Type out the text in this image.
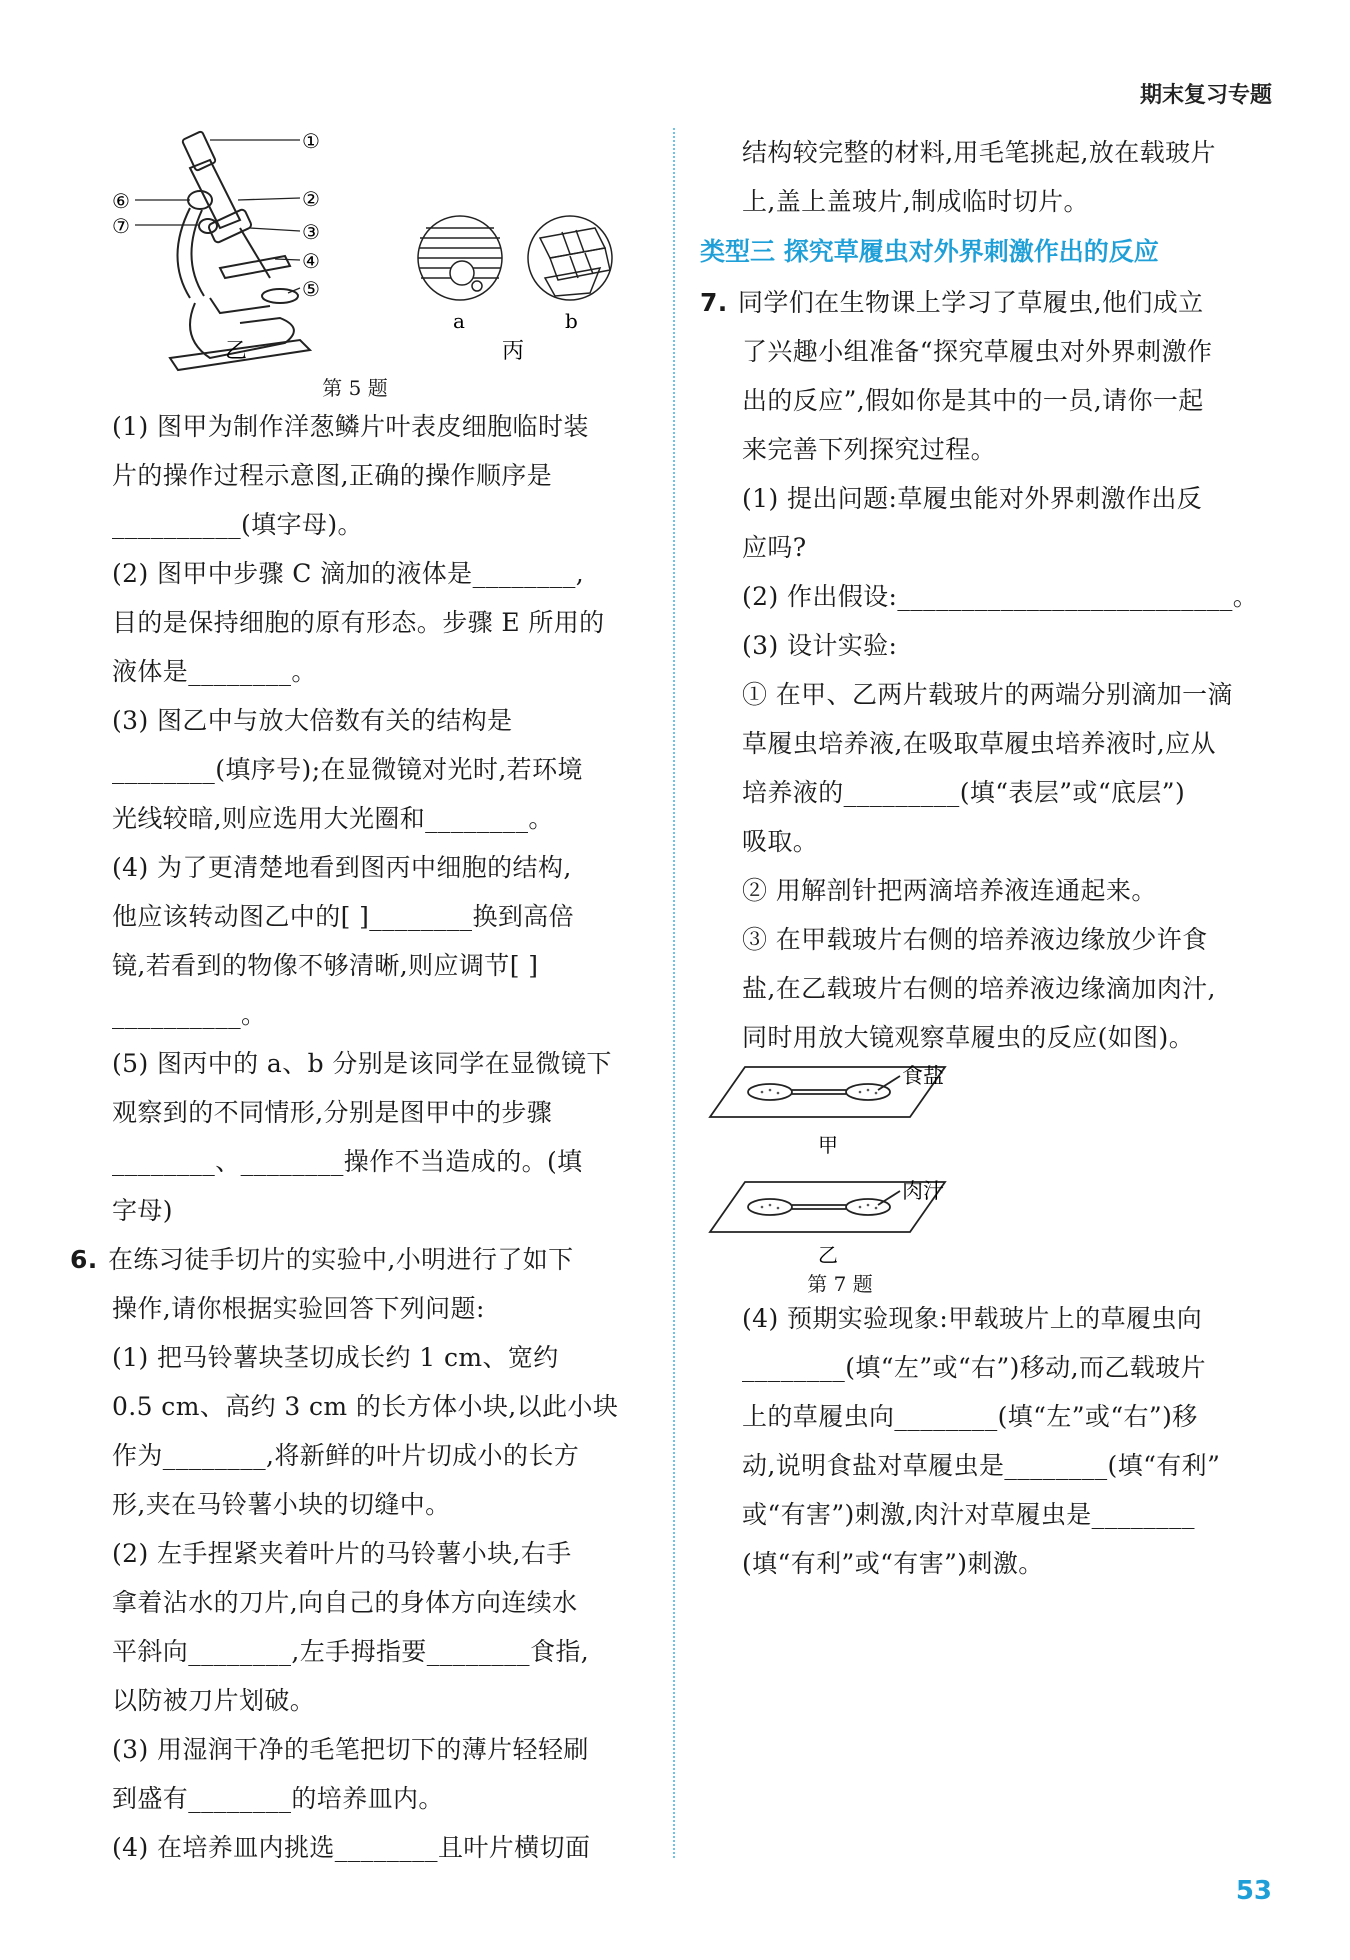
期末复习专题
①
②
③
④
⑤
⑥
⑦
a	b
乙	丙
第 5 题
(1) 图甲为制作洋葱鳞片叶表皮细胞临时装
片的操作过程示意图,正确的操作顺序是
__________(填字母)。
(2) 图甲中步骤 C 滴加的液体是________,
目的是保持细胞的原有形态。步骤 E 所用的
液体是________。
(3) 图乙中与放大倍数有关的结构是
________(填序号);在显微镜对光时,若环境
光线较暗,则应选用大光圈和________。
(4) 为了更清楚地看到图丙中细胞的结构,
他应该转动图乙中的[ ]________换到高倍
镜,若看到的物像不够清晰,则应调节[ ]
__________。
(5) 图丙中的 a、b 分别是该同学在显微镜下
观察到的不同情形,分别是图甲中的步骤
________、________操作不当造成的。(填
字母)
6. 在练习徒手切片的实验中,小明进行了如下
操作,请你根据实验回答下列问题:
(1) 把马铃薯块茎切成长约 1 cm、宽约
0.5 cm、高约 3 cm 的长方体小块,以此小块
作为________,将新鲜的叶片切成小的长方
形,夹在马铃薯小块的切缝中。
(2) 左手捏紧夹着叶片的马铃薯小块,右手
拿着沾水的刀片,向自己的身体方向连续水
平斜向________,左手拇指要________食指,
以防被刀片划破。
(3) 用湿润干净的毛笔把切下的薄片轻轻刷
到盛有________的培养皿内。
(4) 在培养皿内挑选________且叶片横切面
结构较完整的材料,用毛笔挑起,放在载玻片
上,盖上盖玻片,制成临时切片。
类型三 探究草履虫对外界刺激作出的反应
7. 同学们在生物课上学习了草履虫,他们成立
了兴趣小组准备“探究草履虫对外界刺激作
出的反应”,假如你是其中的一员,请你一起
来完善下列探究过程。
(1) 提出问题:草履虫能对外界刺激作出反
应吗?
(2) 作出假设:__________________________。
(3) 设计实验:
① 在甲、乙两片载玻片的两端分别滴加一滴
草履虫培养液,在吸取草履虫培养液时,应从
培养液的_________(填“表层”或“底层”)
吸取。
② 用解剖针把两滴培养液连通起来。
③ 在甲载玻片右侧的培养液边缘放少许食
盐,在乙载玻片右侧的培养液边缘滴加肉汁,
同时用放大镜观察草履虫的反应(如图)。
食盐
甲
肉汁
乙
第 7 题
(4) 预期实验现象:甲载玻片上的草履虫向
________(填“左”或“右”)移动,而乙载玻片
上的草履虫向________(填“左”或“右”)移
动,说明食盐对草履虫是________(填“有利”
或“有害”)刺激,肉汁对草履虫是________
(填“有利”或“有害”)刺激。
53
